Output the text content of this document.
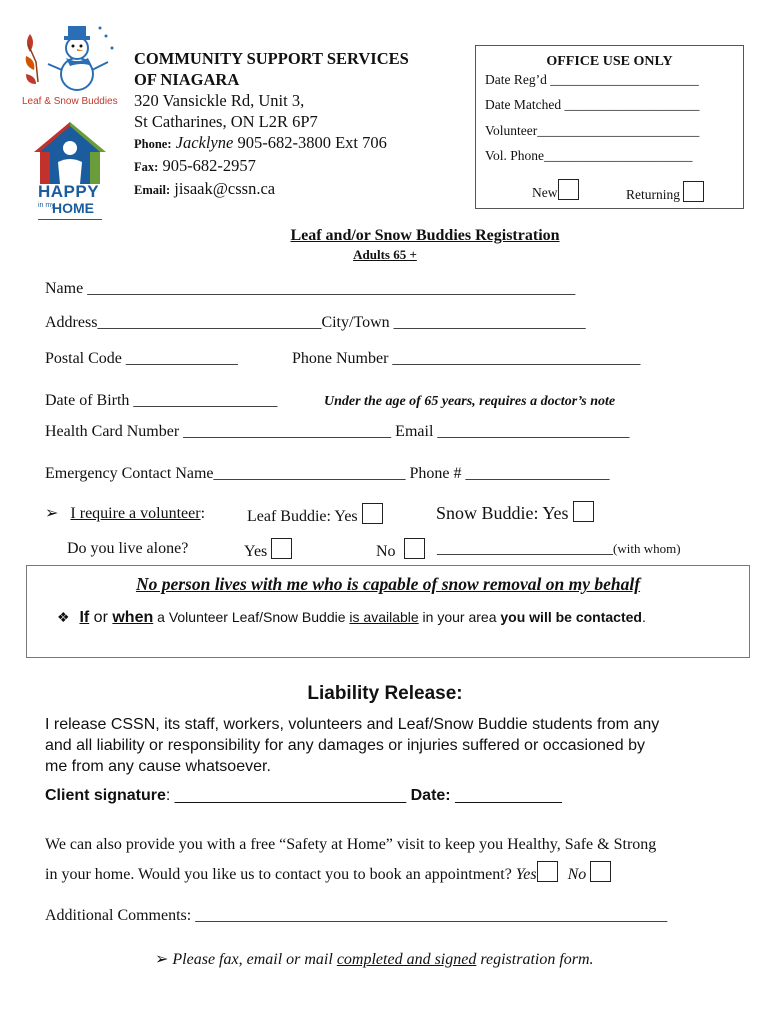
Leaf & Snow Buddies
HAPPY
in my
HOME
COMMUNITY SUPPORT SERVICES
OF NIAGARA
320 Vansickle Rd, Unit 3,
St Catharines, ON L2R 6P7
Phone: Jacklyne 905-682-3800 Ext 706
Fax: 905-682-2957
Email: jisaak@cssn.ca
OFFICE USE ONLY
Date Reg’d ______________________
Date Matched ____________________
Volunteer________________________
Vol. Phone______________________
New	Returning
Leaf and/or Snow Buddies Registration
Adults 65 +
Name _____________________________________________________________
Address____________________________City/Town ________________________
Postal Code ______________	Phone Number _______________________________
Date of Birth __________________	Under the age of 65 years, requires a doctor’s note
Health Card Number __________________________ Email ________________________
Emergency Contact Name________________________ Phone # __________________
➢ I require a volunteer:	Leaf Buddie: Yes	Snow Buddie: Yes
Do you live alone?	Yes	No	______________________(with whom)
No person lives with me who is capable of snow removal on my behalf
❖ If or when a Volunteer Leaf/Snow Buddie is available in your area you will be contacted.
Liability Release:
I release CSSN, its staff, workers, volunteers and Leaf/Snow Buddie students from any
and all liability or responsibility for any damages or injuries suffered or occasioned by
me from any cause whatsoever.
Client signature: __________________________ Date: ____________
We can also provide you with a free “Safety at Home” visit to keep you Healthy, Safe & Strong
in your home. Would you like us to contact you to book an appointment? Yes No
Additional Comments: ___________________________________________________________
➢ Please fax, email or mail completed and signed registration form.
